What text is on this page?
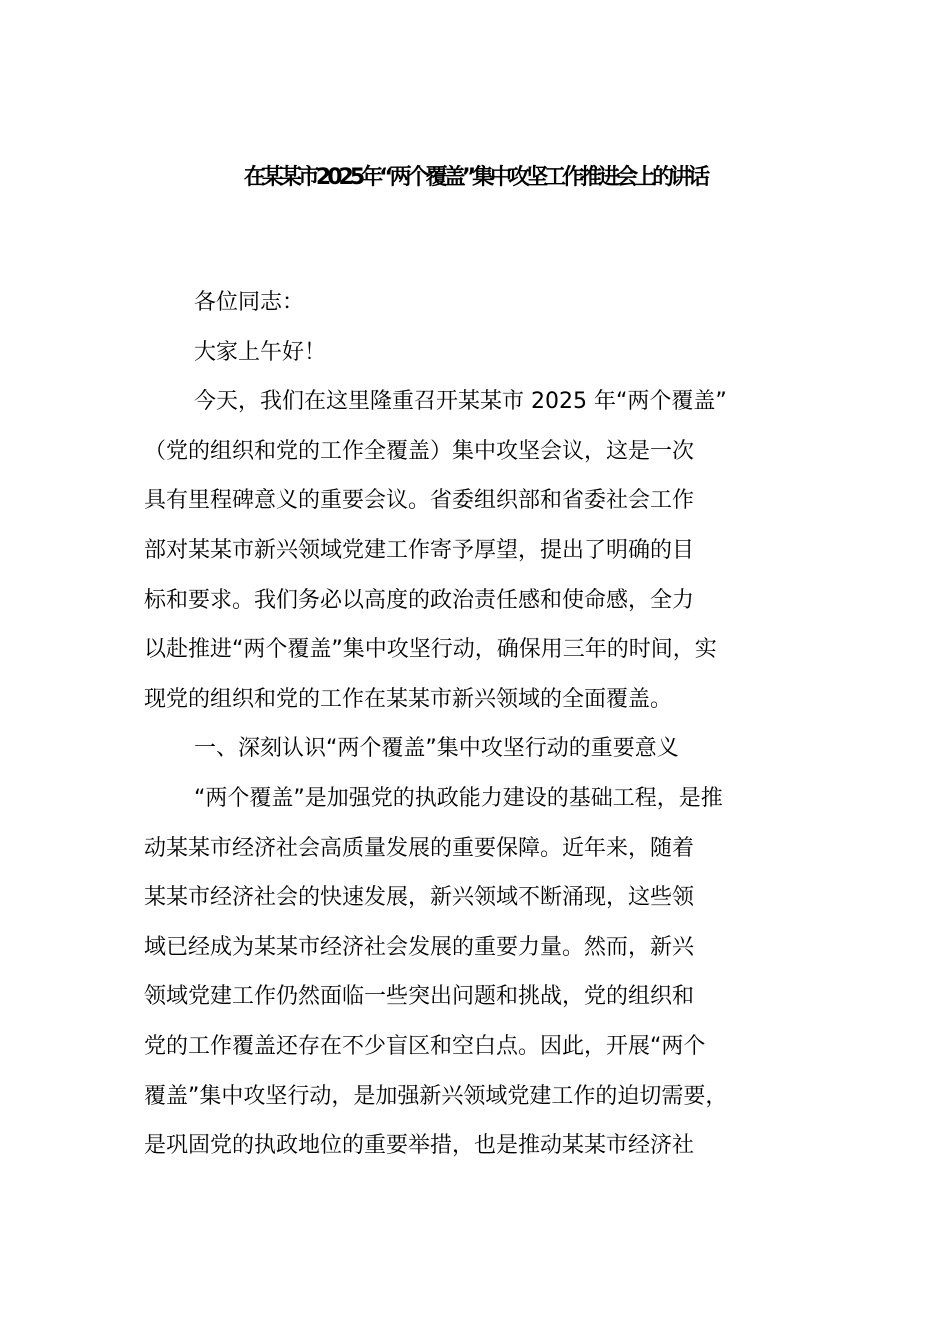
在某某市2025年“两个覆盖”集中攻坚工作推进会上的讲话
各位同志：
大家上午好！
今天，我们在这里隆重召开某某市 2025 年“两个覆盖”
（党的组织和党的工作全覆盖）集中攻坚会议，这是一次
具有里程碑意义的重要会议。省委组织部和省委社会工作
部对某某市新兴领域党建工作寄予厚望，提出了明确的目
标和要求。我们务必以高度的政治责任感和使命感，全力
以赴推进“两个覆盖”集中攻坚行动，确保用三年的时间，实
现党的组织和党的工作在某某市新兴领域的全面覆盖。
一、深刻认识“两个覆盖”集中攻坚行动的重要意义
“两个覆盖”是加强党的执政能力建设的基础工程，是推
动某某市经济社会高质量发展的重要保障。近年来，随着
某某市经济社会的快速发展，新兴领域不断涌现，这些领
域已经成为某某市经济社会发展的重要力量。然而，新兴
领域党建工作仍然面临一些突出问题和挑战，党的组织和
党的工作覆盖还存在不少盲区和空白点。因此，开展“两个
覆盖”集中攻坚行动，是加强新兴领域党建工作的迫切需要，
是巩固党的执政地位的重要举措，也是推动某某市经济社
